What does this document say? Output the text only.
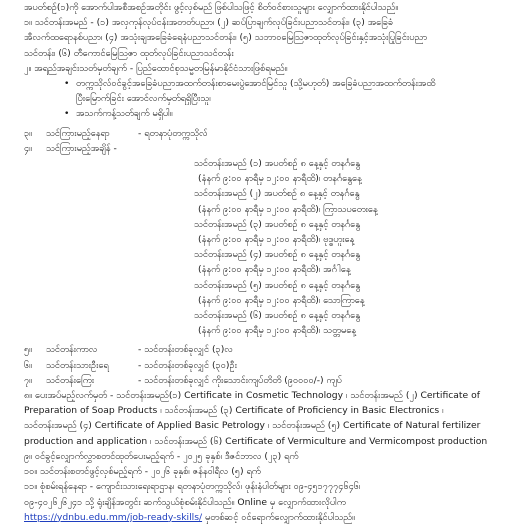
အပတ်စဥ်(၁)ကို အောက်ပါအစီအစဥ်အတိုင်း ဖွင့်လှစ်မည် ဖြစ်ပါသဖြင့် စိတ်ဝင်စားသူများ လျှောက်ထားနိုင်ပါသည်။
၁။ သင်တန်းအမည် - (၁) အလှကုန်လုပ်ငန်းအတတ်ပညာ၊ (၂) ဆပ်ပြာချက်လုပ်ခြင်းပညာသင်တန်း၊ (၃) အခြေခံ
အီလက်ထရောနစ်ပညာ၊ (၄) အသုံးချအခြေခံရေနံပညာသင်တန်း၊ (၅) သဘာဝမြေဩဇာထုတ်လုပ်ခြင်းနှင့်အသုံးပြုခြင်းပညာ
သင်တန်း၊ (၆) တီကောင်မြေဩဇာ ထုတ်လုပ်ခြင်းပညာသင်တန်း
၂။ အရည်အချင်းသတ်မှတ်ချက် - ပြည်ထောင်စုသမ္မတမြန်မာနိုင်ငံသားဖြစ်ရမည်။
• တက္ကသိုလ်ဝင်ခွင့်အခြေခံပညာအထက်တန်းစာမေးပွဲအောင်မြင်သူ (သို့မဟုတ်) အခြေခံပညာအထက်တန်းအထိ
ပြီးမြောက်ခြင်း အောင်လက်မှတ်ရရှိပြီးသူ၊
• အသက်ကန့်သတ်ချက် မရှိပါ။
၃။	သင်ကြားမည့်နေရာ	- ရတနာပုံတက္ကသိုလ်
၄။	သင်ကြားမည့်အချိန် -
သင်တန်းအမည် (၁) အပတ်စဥ် ၈ နေ့နှင့် တနင်္ဂနွေ
(နံနက် ၉:၀၀ နာရီမှ ၁၂:၀၀ နာရီထိ)၊ တနင်္ဂနွေနေ့
သင်တန်းအမည် (၂) အပတ်စဥ် ၈ နေ့နှင့် တနင်္ဂနွေ
(နံနက် ၉:၀၀ နာရီမှ ၁၂:၀၀ နာရီထိ)၊ ကြာသပတေးနေ့
သင်တန်းအမည် (၃) အပတ်စဥ် ၈ နေ့နှင့် တနင်္ဂနွေ
(နံနက် ၉:၀၀ နာရီမှ ၁၂:၀၀ နာရီထိ)၊ ဗုဒ္ဓဟူးနေ့
သင်တန်းအမည် (၄) အပတ်စဥ် ၈ နေ့နှင့် တနင်္ဂနွေ
(နံနက် ၉:၀၀ နာရီမှ ၁၂:၀၀ နာရီထိ)၊ အင်္ဂါနေ့
သင်တန်းအမည် (၅) အပတ်စဥ် ၈ နေ့နှင့် တနင်္ဂနွေ
(နံနက် ၉:၀၀ နာရီမှ ၁၂:၀၀ နာရီထိ)၊ သောကြာနေ့
သင်တန်းအမည် (၆) အပတ်စဥ် ၈ နေ့နှင့် တနင်္ဂနွေ
(နံနက် ၉:၀၀ နာရီမှ ၁၂:၀၀ နာရီထိ)၊ သတ္တမနေ့
၅။	သင်တန်းကာလ	- သင်တန်းတစ်ခုလျှင် (၃)လ
၆။	သင်တန်းသားဦးရေ	- သင်တန်းတစ်ခုလျှင် (၃၀)ဦး
၇။	သင်တန်းကြေး	- သင်တန်းတစ်ခုလျှင် ကိုးသောင်းကျပ်တိတိ (၉၀၀၀၀/-) ကျပ်
၈။ ပေးအပ်မည့်လက်မှတ် - သင်တန်းအမည်(၁) Certificate in Cosmetic Technology ၊ သင်တန်းအမည် (၂) Certificate of
Preparation of Soap Products ၊ သင်တန်းအမည် (၃) Certificate of Proficiency in Basic Electronics ၊
သင်တန်းအမည် (၄) Certificate of Applied Basic Petrology ၊ သင်တန်းအမည် (၅) Certificate of Natural fertilizer
production and application ၊ သင်တန်းအမည် (၆) Certificate of Vermiculture and Vermicompost production
၉။ ဝင်ခွင့်လျှောက်လွှာစတင်ထုတ်ပေးမည့်ရက် - ၂၀၂၅ ခုနှစ်၊ ဒီဇင်ဘာလ (၂၃) ရက်
၁၀။ သင်တန်းစတင်ဖွင့်လှစ်မည့်ရက် - ၂၀၂၆ ခုနှစ်၊ ဇန်နဝါရီလ (၅) ရက်
၁၁။ စုံစမ်းရန်နေရာ - ကျောင်းသားရေးရာဌာန၊ ရတနာပုံတက္ကသိုလ်၊ ဖုန်းနံပါတ်များ ၀၉-၄၅၁၇၇၇၄၆၄၆၊
၀၉-၄၀၂၆၂၆၂၄၁ သို့ ရုံးချိန်အတွင်း ဆက်သွယ်စုံစမ်းနိုင်ပါသည်။ Online မှ လျှောက်ထားလိုပါက
https://ydnbu.edu.mm/job-ready-skills/ မှတစ်ဆင့် ဝင်ရောက်လျှောက်ထားနိုင်ပါသည်။
